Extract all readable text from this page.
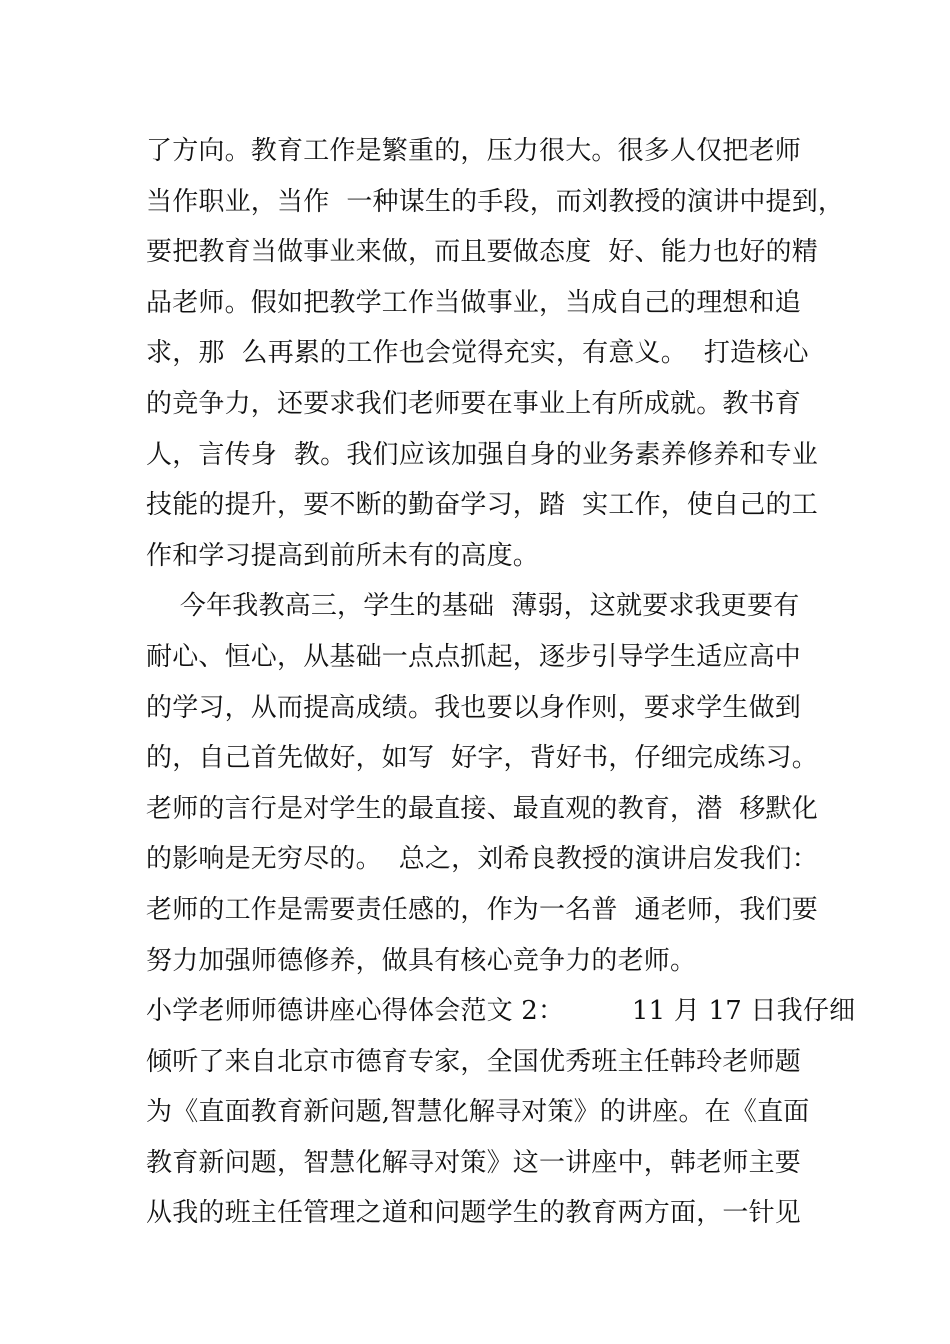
了方向。教育工作是繁重的，压力很大。很多人仅把老师
当作职业，当作  一种谋生的手段，而刘教授的演讲中提到，
要把教育当做事业来做，而且要做态度  好、能力也好的精
品老师。假如把教学工作当做事业，当成自己的理想和追
求，那  么再累的工作也会觉得充实，有意义。  打造核心
的竞争力，还要求我们老师要在事业上有所成就。教书育
人，言传身  教。我们应该加强自身的业务素养修养和专业
技能的提升，要不断的勤奋学习，踏  实工作，使自己的工
作和学习提高到前所未有的高度。
今年我教高三，学生的基础  薄弱，这就要求我更要有
耐心、恒心，从基础一点点抓起，逐步引导学生适应高中
的学习，从而提高成绩。我也要以身作则，要求学生做到
的，自己首先做好，如写  好字，背好书，仔细完成练习。
老师的言行是对学生的最直接、最直观的教育，潜  移默化
的影响是无穷尽的。  总之，刘希良教授的演讲启发我们：
老师的工作是需要责任感的，作为一名普  通老师，我们要
努力加强师德修养，做具有核心竞争力的老师。
小学老师师德讲座心得体会范文 2：        11 月 17 日我仔细
倾听了来自北京市德育专家，全国优秀班主任韩玲老师题
为《直面教育新问题,智慧化解寻对策》的讲座。在《直面
教育新问题，智慧化解寻对策》这一讲座中，韩老师主要
从我的班主任管理之道和问题学生的教育两方面，一针见
